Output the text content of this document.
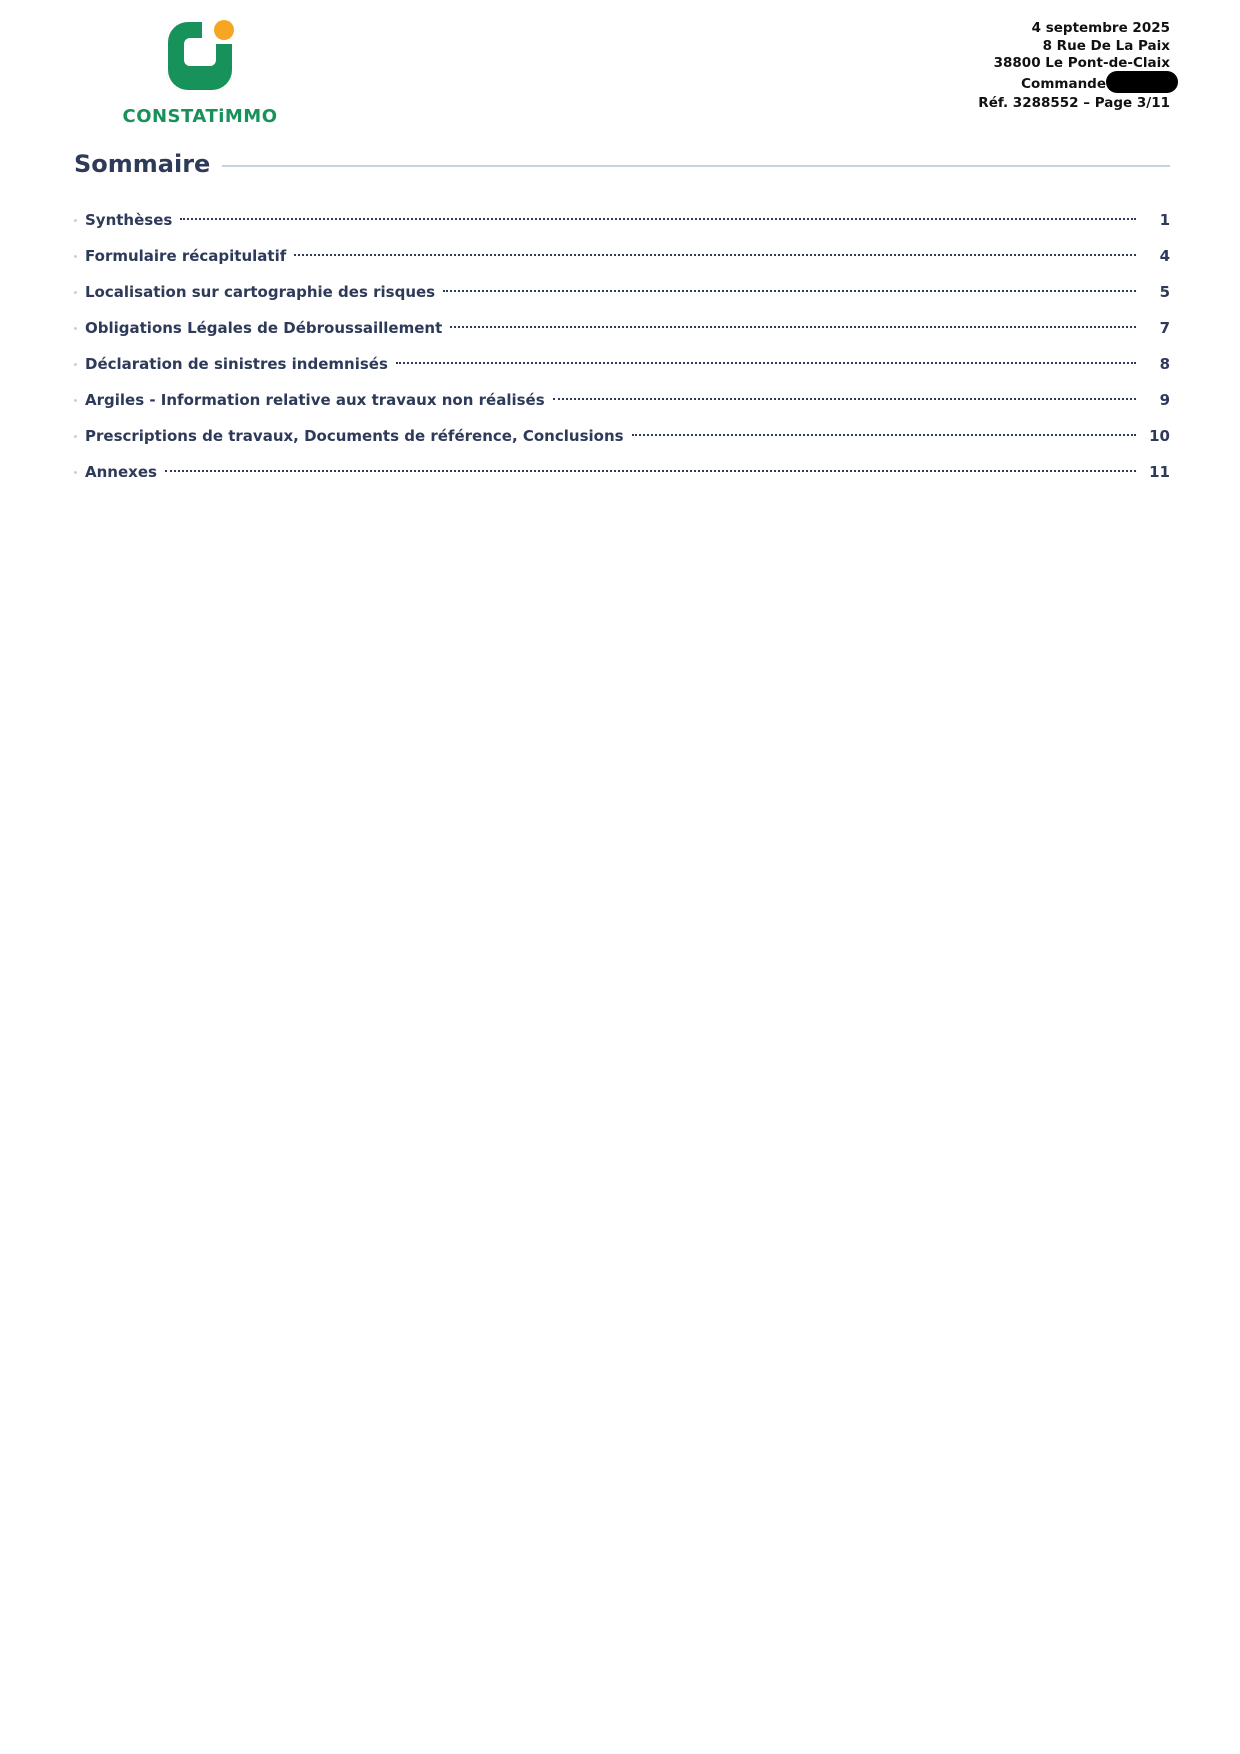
CONSTATiMMO
4 septembre 2025
8 Rue De La Paix
38800 Le Pont-de-Claix
Commande
Réf. 3288552 – Page 3/11
Sommaire
Synthèses	1
Formulaire récapitulatif	4
Localisation sur cartographie des risques	5
Obligations Légales de Débroussaillement	7
Déclaration de sinistres indemnisés	8
Argiles - Information relative aux travaux non réalisés	9
Prescriptions de travaux, Documents de référence, Conclusions	10
Annexes	11
